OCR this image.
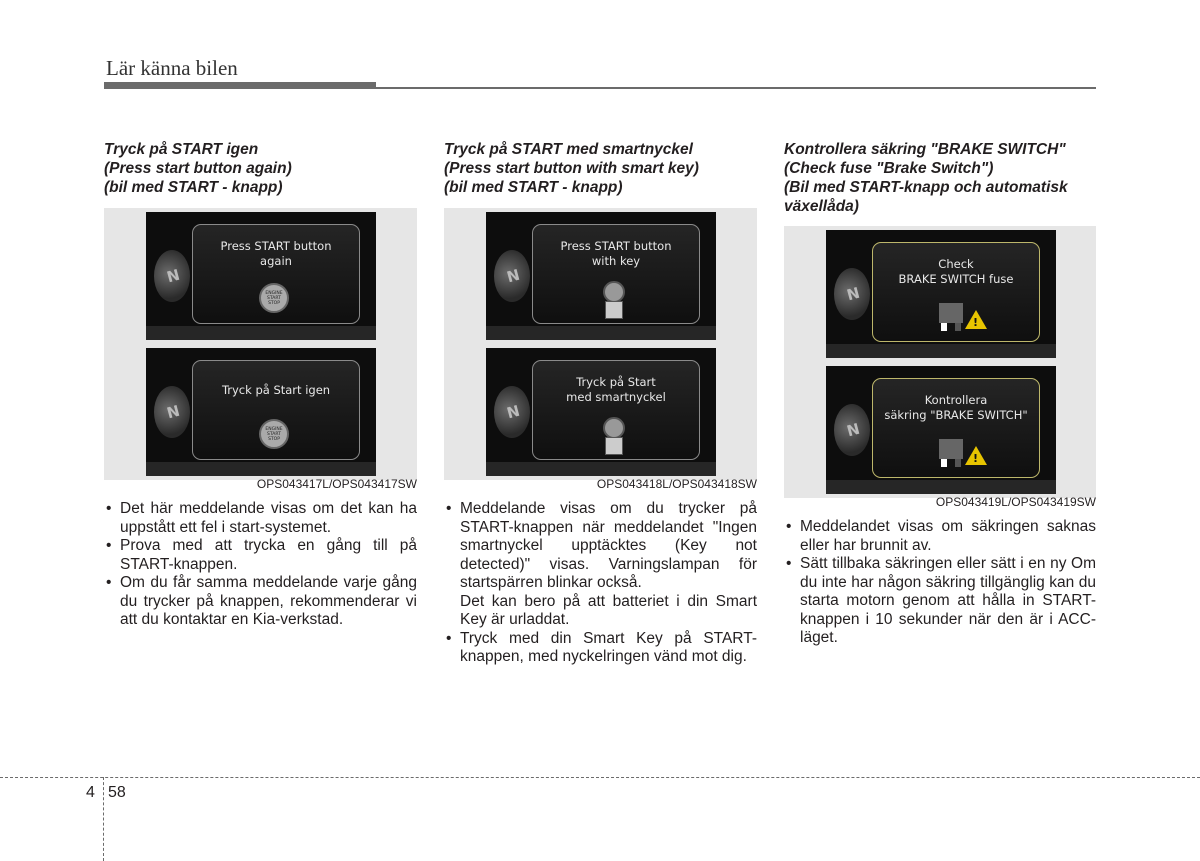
Lär känna bilen

Tryck på START igen
(Press start button again)
(bil med START - knapp)

N
Press START button
again
ENGINE START STOP
N
Tryck på Start igen
ENGINE START STOP
OPS043417L/OPS043417SW

• Det här meddelande visas om det kan ha uppstått ett fel i start-systemet.

• Prova med att trycka en gång till på START-knappen.

• Om du får samma meddelande varje gång du trycker på knappen, rekommenderar vi att du kontaktar en Kia-verkstad.

Tryck på START med smartnyckel
(Press start button with smart key)
(bil med START - knapp)

N
Press START button
with key
N
Tryck på Start
med smartnyckel
OPS043418L/OPS043418SW

• Meddelande visas om du trycker på START-knappen när meddelandet "Ingen smartnyckel upptäcktes (Key not detected)" visas. Varningslampan för startspärren blinkar också.

Det kan bero på att batteriet i din Smart Key är urladdat.

• Tryck med din Smart Key på START-knappen, med nyckelringen vänd mot dig.

Kontrollera säkring "BRAKE SWITCH"
(Check fuse "Brake Switch")
(Bil med START-knapp och automatisk växellåda)

N
Check
BRAKE SWITCH fuse
!
N
Kontrollera
säkring "BRAKE SWITCH"
!
OPS043419L/OPS043419SW

• Meddelandet visas om säkringen saknas eller har brunnit av.

• Sätt tillbaka säkringen eller sätt i en ny Om du inte har någon säkring tillgänglig kan du starta motorn genom att hålla in START-knappen i 10 sekunder när den är i ACC-läget.

4 58
